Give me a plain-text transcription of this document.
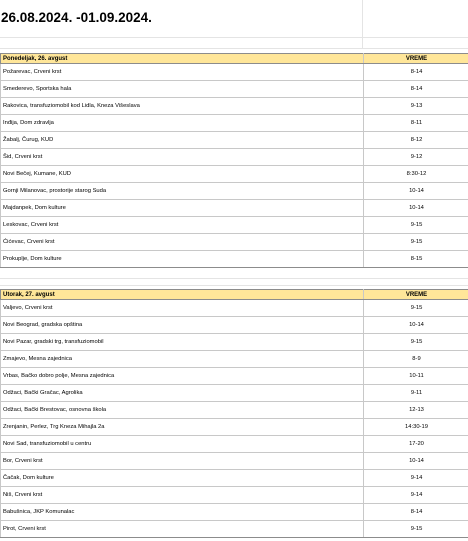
26.08.2024. -01.09.2024.
Ponedeljak, 26. avgust	VREME
Požarevac, Crveni krst	8-14
Smederevo, Sportska hala	8-14
Rakovica, transfuziomobil kod Lidla, Kneza Višeslava	9-13
Inđija, Dom zdravlja	8-11
Žabalj, Čurug, KUD	8-12
Šid, Crveni krst	9-12
Novi Bečej, Kumane, KUD	8:30-12
Gornji Milanovac, prostorije starog Suda	10-14
Majdanpek, Dom kulture	10-14
Leskovac, Crveni krst	9-15
Ćićevac, Crveni krst	9-15
Prokuplje, Dom kulture	8-15
Utorak, 27. avgust	VREME
Valjevo, Crveni krst	9-15
Novi Beograd, gradska opština	10-14
Novi Pazar, gradski trg, transfuziomobil	9-15
Zmajevo, Mesna zajednica	8-9
Vrbas, Bačko dobro polje, Mesna zajednica	10-11
Odžaci, Bački Gračac, Agrolika	9-11
Odžaci, Bački Brestovac, osnovna škola	12-13
Zrenjanin, Perlez, Trg Kneza Mihajla 2a	14:30-19
Novi Sad, transfuziomobil u centru	17-20
Bor, Crveni krst	10-14
Čačak, Dom kulture	9-14
Niš, Crveni krst	9-14
Babušnica, JKP Komunalac	8-14
Pirot, Crveni krst	9-15
